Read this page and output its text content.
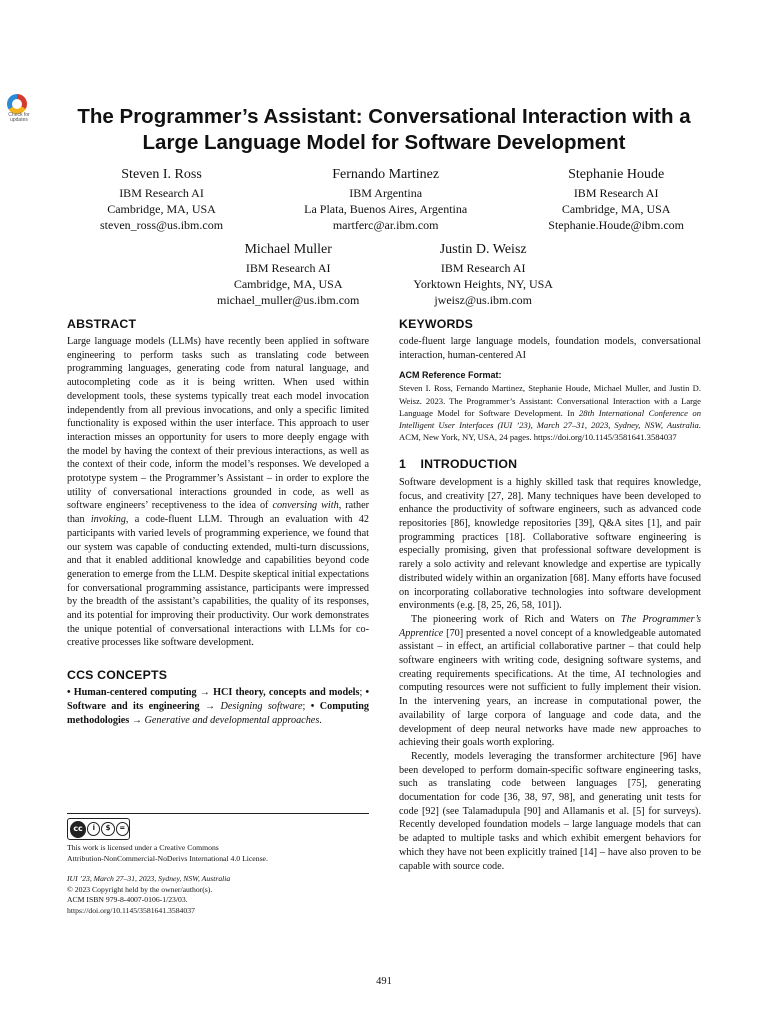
Check for updates	The Programmer’s Assistant: Conversational Interaction with a
Large Language Model for Software Development
Steven I. Ross
IBM Research AI
Cambridge, MA, USA
steven_ross@us.ibm.com
Fernando Martinez
IBM Argentina
La Plata, Buenos Aires, Argentina
martferc@ar.ibm.com
Stephanie Houde
IBM Research AI
Cambridge, MA, USA
Stephanie.Houde@ibm.com
Michael Muller
IBM Research AI
Cambridge, MA, USA
michael_muller@us.ibm.com
Justin D. Weisz
IBM Research AI
Yorktown Heights, NY, USA
jweisz@us.ibm.com
ABSTRACT
Large language models (LLMs) have recently been applied in software engineering to perform tasks such as translating code between programming languages, generating code from natural language, and autocompleting code as it is being written. When used within development tools, these systems typically treat each model invocation independently from all previous invocations, and only a specific limited functionality is exposed within the user interface. This approach to user interaction misses an opportunity for users to more deeply engage with the model by having the context of their previous interactions, as well as the context of their code, inform the model’s responses. We developed a prototype system – the Programmer’s Assistant – in order to explore the utility of conversational interactions grounded in code, as well as software engineers’ receptiveness to the idea of conversing with, rather than invoking, a code-fluent LLM. Through an evaluation with 42 participants with varied levels of programming experience, we found that our system was capable of conducting extended, multi-turn discussions, and that it enabled additional knowledge and capabilities beyond code generation to emerge from the LLM. Despite skeptical initial expectations for conversational programming assistance, participants were impressed by the breadth of the assistant’s capabilities, the quality of its responses, and its potential for improving their productivity. Our work demonstrates the unique potential of conversational interactions with LLMs for co-creative processes like software development.
CCS CONCEPTS
• Human-centered computing → HCI theory, concepts and models; • Software and its engineering → Designing software; • Computing methodologies → Generative and developmental approaches.
cc	i	$	=
This work is licensed under a Creative Commons
Attribution-NonCommercial-NoDerivs International 4.0 License.
IUI ’23, March 27–31, 2023, Sydney, NSW, Australia
© 2023 Copyright held by the owner/author(s).
ACM ISBN 979-8-4007-0106-1/23/03.
https://doi.org/10.1145/3581641.3584037
KEYWORDS
code-fluent large language models, foundation models, conversational interaction, human-centered AI
ACM Reference Format:
Steven I. Ross, Fernando Martinez, Stephanie Houde, Michael Muller, and Justin D. Weisz. 2023. The Programmer’s Assistant: Conversational Interaction with a Large Language Model for Software Development. In 28th International Conference on Intelligent User Interfaces (IUI ’23), March 27–31, 2023, Sydney, NSW, Australia. ACM, New York, NY, USA, 24 pages. https://doi.org/10.1145/3581641.3584037
1    INTRODUCTION
Software development is a highly skilled task that requires knowledge, focus, and creativity [27, 28]. Many techniques have been developed to enhance the productivity of software engineers, such as advanced code repositories [86], knowledge repositories [39], Q&A sites [1], and pair programming practices [18]. Collaborative software engineering is especially promising, given that professional software development is rarely a solo activity and relevant knowledge and expertise are typically distributed widely within an organization [68]. Many efforts have focused on incorporating collaborative technologies into software development environments (e.g. [8, 25, 26, 58, 101]).
The pioneering work of Rich and Waters on The Programmer’s Apprentice [70] presented a novel concept of a knowledgeable automated assistant – in effect, an artificial collaborative partner – that could help software engineers with writing code, designing software systems, and creating requirements specifications. At the time, AI technologies and computing resources were not sufficient to fully implement their vision. In the intervening years, an increase in computational power, the availability of large corpora of language and code data, and the development of deep neural networks have made new approaches to achieving their goals worth exploring.
Recently, models leveraging the transformer architecture [96] have been developed to perform domain-specific software engineering tasks, such as translating code between languages [75], generating documentation for code [36, 38, 97, 98], and generating unit tests for code [92] (see Talamadupula [90] and Allamanis et al. [5] for surveys). Recently developed foundation models – large language models that can be adapted to multiple tasks and which exhibit emergent behaviors for which they have not been explicitly trained [14] – have also proven to be capable with source code.
491
